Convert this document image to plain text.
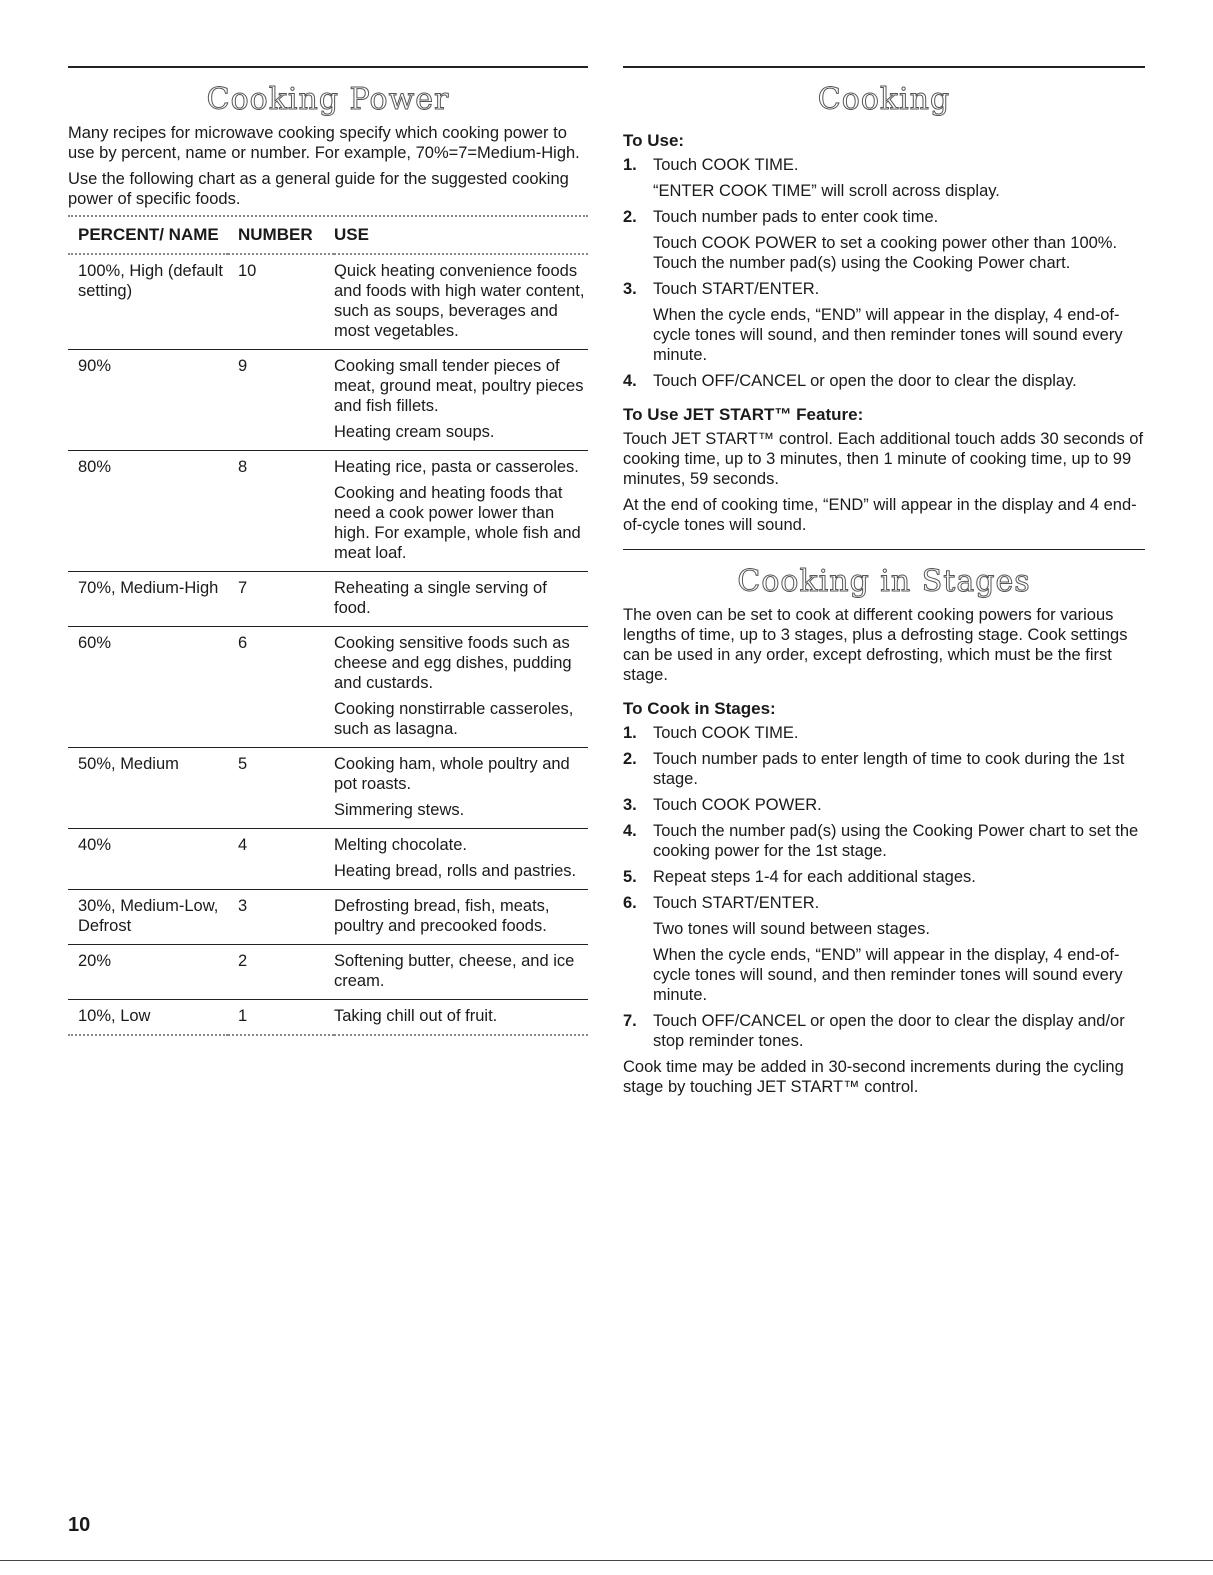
Cooking Power

Many recipes for microwave cooking specify which cooking power to use by percent, name or number. For example, 70%=7=Medium-High.

Use the following chart as a general guide for the suggested cooking power of specific foods.

PERCENT/ NAME	NUMBER	USE
100%, High (default setting)	10	Quick heating convenience foods and foods with high water content, such as soups, beverages and most vegetables.

90%	9	Cooking small tender pieces of meat, ground meat, poultry pieces and fish fillets.
Heating cream soups.

80%	8	Heating rice, pasta or casseroles.
Cooking and heating foods that need a cook power lower than high. For example, whole fish and meat loaf.

70%, Medium-High	7	Reheating a single serving of food.

60%	6	Cooking sensitive foods such as cheese and egg dishes, pudding and custards.
Cooking nonstirrable casseroles, such as lasagna.

50%, Medium	5	Cooking ham, whole poultry and pot roasts.
Simmering stews.

40%	4	Melting chocolate.
Heating bread, rolls and pastries.

30%, Medium-Low, Defrost	3	Defrosting bread, fish, meats, poultry and precooked foods.

20%	2	Softening butter, cheese, and ice cream.

10%, Low	1	Taking chill out of fruit.
Cooking
To Use:
1. Touch COOK TIME.
“ENTER COOK TIME” will scroll across display.
2. Touch number pads to enter cook time.
Touch COOK POWER to set a cooking power other than 100%. Touch the number pad(s) using the Cooking Power chart.
3. Touch START/ENTER.
When the cycle ends, “END” will appear in the display, 4 end-of-cycle tones will sound, and then reminder tones will sound every minute.
4. Touch OFF/CANCEL or open the door to clear the display.
To Use JET START™ Feature:

Touch JET START™ control. Each additional touch adds 30 seconds of cooking time, up to 3 minutes, then 1 minute of cooking time, up to 99 minutes, 59 seconds.

At the end of cooking time, “END” will appear in the display and 4 end-of-cycle tones will sound.

Cooking in Stages

The oven can be set to cook at different cooking powers for various lengths of time, up to 3 stages, plus a defrosting stage. Cook settings can be used in any order, except defrosting, which must be the first stage.

To Cook in Stages:
1. Touch COOK TIME.
2. Touch number pads to enter length of time to cook during the 1st stage.
3. Touch COOK POWER.
4. Touch the number pad(s) using the Cooking Power chart to set the cooking power for the 1st stage.
5. Repeat steps 1-4 for each additional stages.
6. Touch START/ENTER.
Two tones will sound between stages.
When the cycle ends, “END” will appear in the display, 4 end-of-cycle tones will sound, and then reminder tones will sound every minute.
7. Touch OFF/CANCEL or open the door to clear the display and/or stop reminder tones.

Cook time may be added in 30-second increments during the cycling stage by touching JET START™ control.

10
